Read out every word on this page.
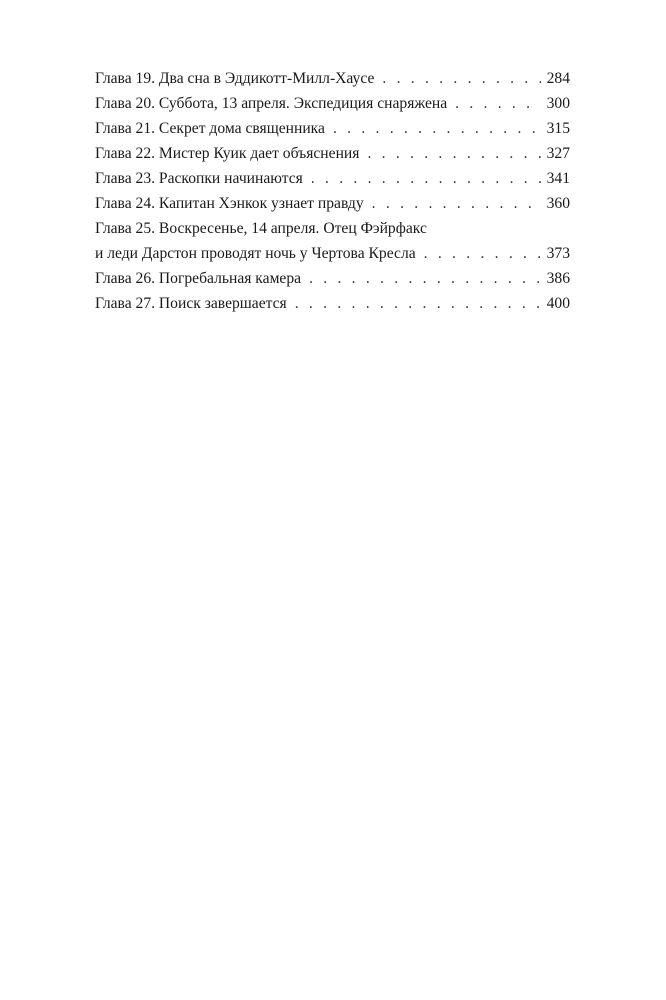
Глава 19. Два сна в Эддикотт-Милл-Хаусе . . .	284
Глава 20. Суббота, 13 апреля. Экспедиция снаряжена . . .	300
Глава 21. Секрет дома священника . . .	315
Глава 22. Мистер Куик дает объяснения . . .	327
Глава 23. Раскопки начинаются . . .	341
Глава 24. Капитан Хэнкок узнает правду . . .	360
Глава 25. Воскресенье, 14 апреля. Отец Фэйрфакс
и леди Дарстон проводят ночь у Чертова Кресла . . .	373
Глава 26. Погребальная камера . . .	386
Глава 27. Поиск завершается . . .	400
